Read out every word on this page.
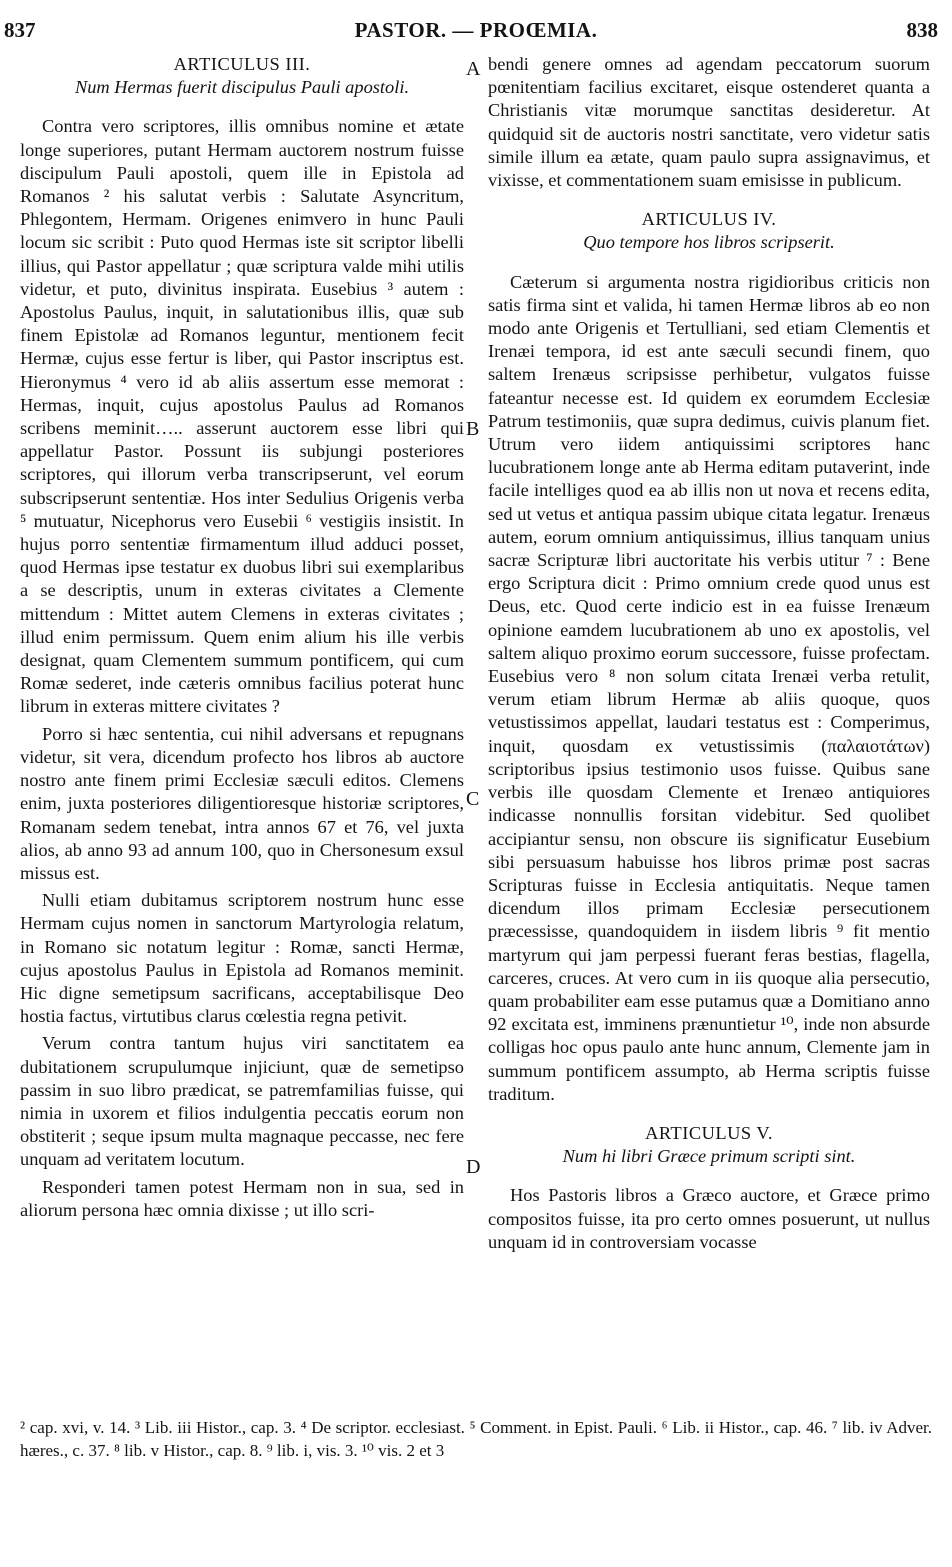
837	PASTOR. — PROŒMIA.	838
A
B
C
D
ARTICULUS III.
Num Hermas fuerit discipulus Pauli apostoli.

Contra vero scriptores, illis omnibus nomine et ætate longe superiores, putant Hermam auctorem nostrum fuisse discipulum Pauli apostoli, quem ille in Epistola ad Romanos ² his salutat verbis : Salutate Asyncritum, Phlegontem, Hermam. Origenes enimvero in hunc Pauli locum sic scribit : Puto quod Hermas iste sit scriptor libelli illius, qui Pastor appellatur ; quæ scriptura valde mihi utilis videtur, et puto, divinitus inspirata. Eusebius ³ autem : Apostolus Paulus, inquit, in salutationibus illis, quæ sub finem Epistolæ ad Romanos leguntur, mentionem fecit Hermæ, cujus esse fertur is liber, qui Pastor inscriptus est. Hieronymus ⁴ vero id ab aliis assertum esse memorat : Hermas, inquit, cujus apostolus Paulus ad Romanos scribens meminit….. asserunt auctorem esse libri qui appellatur Pastor. Possunt iis subjungi posteriores scriptores, qui illorum verba transcripserunt, vel eorum subscripserunt sententiæ. Hos inter Sedulius Origenis verba ⁵ mutuatur, Nicephorus vero Eusebii ⁶ vestigiis insistit. In hujus porro sententiæ firmamentum illud adduci posset, quod Hermas ipse testatur ex duobus libri sui exemplaribus a se descriptis, unum in exteras civitates a Clemente mittendum : Mittet autem Clemens in exteras civitates ; illud enim permissum. Quem enim alium his ille verbis designat, quam Clementem summum pontificem, qui cum Romæ sederet, inde cæteris omnibus facilius poterat hunc librum in exteras mittere civitates ?

Porro si hæc sententia, cui nihil adversans et repugnans videtur, sit vera, dicendum profecto hos libros ab auctore nostro ante finem primi Ecclesiæ sæculi editos. Clemens enim, juxta posteriores diligentioresque historiæ scriptores, Romanam sedem tenebat, intra annos 67 et 76, vel juxta alios, ab anno 93 ad annum 100, quo in Chersonesum exsul missus est.

Nulli etiam dubitamus scriptorem nostrum hunc esse Hermam cujus nomen in sanctorum Martyrologia relatum, in Romano sic notatum legitur : Romæ, sancti Hermæ, cujus apostolus Paulus in Epistola ad Romanos meminit. Hic digne semetipsum sacrificans, acceptabilisque Deo hostia factus, virtutibus clarus cœlestia regna petivit.

Verum contra tantum hujus viri sanctitatem ea dubitationem scrupulumque injiciunt, quæ de semetipso passim in suo libro prædicat, se patremfamilias fuisse, qui nimia in uxorem et filios indulgentia peccatis eorum non obstiterit ; seque ipsum multa magnaque peccasse, nec fere unquam ad veritatem locutum.

Responderi tamen potest Hermam non in sua, sed in aliorum persona hæc omnia dixisse ; ut illo scri-

bendi genere omnes ad agendam peccatorum suorum pœnitentiam facilius excitaret, eisque ostenderet quanta a Christianis vitæ morumque sanctitas desideretur. At quidquid sit de auctoris nostri sanctitate, vero videtur satis simile illum ea ætate, quam paulo supra assignavimus, et vixisse, et commentationem suam emisisse in publicum.

ARTICULUS IV.
Quo tempore hos libros scripserit.

Cæterum si argumenta nostra rigidioribus criticis non satis firma sint et valida, hi tamen Hermæ libros ab eo non modo ante Origenis et Tertulliani, sed etiam Clementis et Irenæi tempora, id est ante sæculi secundi finem, quo saltem Irenæus scripsisse perhibetur, vulgatos fuisse fateantur necesse est. Id quidem ex eorumdem Ecclesiæ Patrum testimoniis, quæ supra dedimus, cuivis planum fiet. Utrum vero iidem antiquissimi scriptores hanc lucubrationem longe ante ab Herma editam putaverint, inde facile intelliges quod ea ab illis non ut nova et recens edita, sed ut vetus et antiqua passim ubique citata legatur. Irenæus autem, eorum omnium antiquissimus, illius tanquam unius sacræ Scripturæ libri auctoritate his verbis utitur ⁷ : Bene ergo Scriptura dicit : Primo omnium crede quod unus est Deus, etc. Quod certe indicio est in ea fuisse Irenæum opinione eamdem lucubrationem ab uno ex apostolis, vel saltem aliquo proximo eorum successore, fuisse profectam. Eusebius vero ⁸ non solum citata Irenæi verba retulit, verum etiam librum Hermæ ab aliis quoque, quos vetustissimos appellat, laudari testatus est : Comperimus, inquit, quosdam ex vetustissimis (παλαιοτάτων) scriptoribus ipsius testimonio usos fuisse. Quibus sane verbis ille quosdam Clemente et Irenæo antiquiores indicasse nonnullis forsitan videbitur. Sed quolibet accipiantur sensu, non obscure iis significatur Eusebium sibi persuasum habuisse hos libros primæ post sacras Scripturas fuisse in Ecclesia antiquitatis. Neque tamen dicendum illos primam Ecclesiæ persecutionem præcessisse, quandoquidem in iisdem libris ⁹ fit mentio martyrum qui jam perpessi fuerant feras bestias, flagella, carceres, cruces. At vero cum in iis quoque alia persecutio, quam probabiliter eam esse putamus quæ a Domitiano anno 92 excitata est, imminens prænuntietur ¹⁰, inde non absurde colligas hoc opus paulo ante hunc annum, Clemente jam in summum pontificem assumpto, ab Herma scriptis fuisse traditum.

ARTICULUS V.
Num hi libri Græce primum scripti sint.

Hos Pastoris libros a Græco auctore, et Græce primo compositos fuisse, ita pro certo omnes posuerunt, ut nullus unquam id in controversiam vocasse

² cap. xvi, v. 14. ³ Lib. iii Histor., cap. 3. ⁴ De scriptor. ecclesiast. ⁵ Comment. in Epist. Pauli. ⁶ Lib. ii Histor., cap. 46. ⁷ lib. iv Adver. hæres., c. 37. ⁸ lib. v Histor., cap. 8. ⁹ lib. i, vis. 3. ¹⁰ vis. 2 et 3
